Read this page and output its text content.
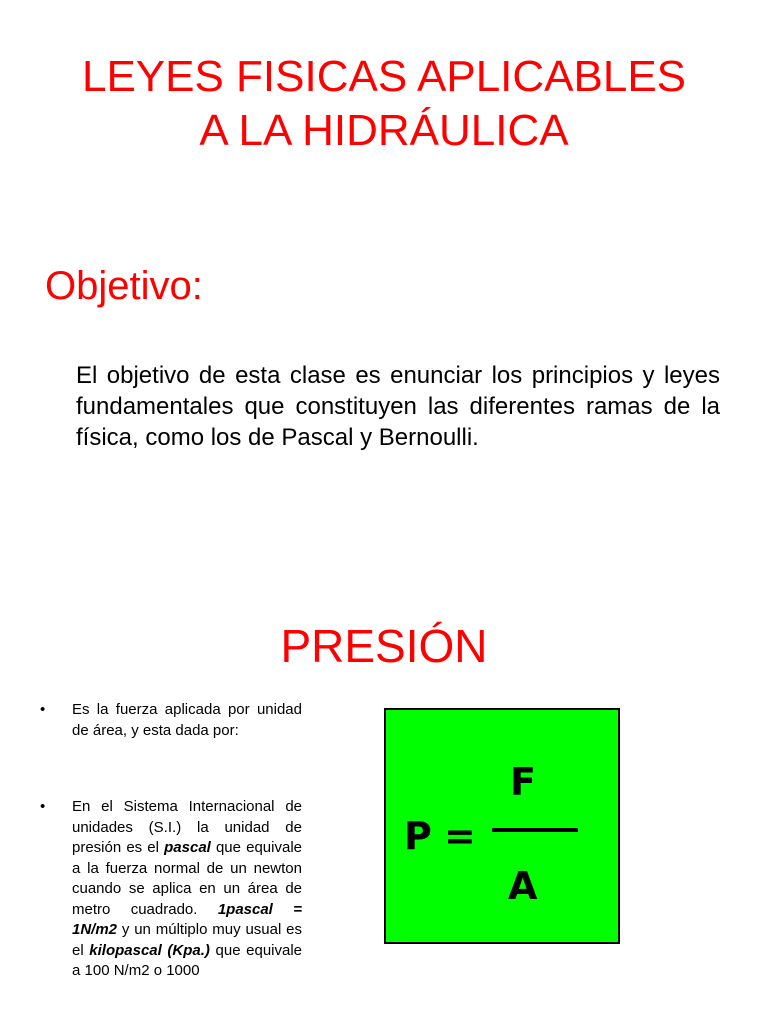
LEYES FISICAS APLICABLES
A LA HIDRÁULICA
Objetivo:

El objetivo de esta clase es enunciar los principios y leyes fundamentales que constituyen las diferentes ramas de la física, como los de Pascal y Bernoulli.

PRESIÓN
• Es la fuerza aplicada por unidad de área, y esta dada por:
• En el Sistema Internacional de unidades (S.I.) la unidad de presión es el pascal que equivale a la fuerza normal de un newton cuando se aplica en un área de metro cuadrado. 1pascal = 1N/m2 y un múltiplo muy usual es el kilopascal (Kpa.) que equivale a 100 N/m2 o 1000
P =
F
A
